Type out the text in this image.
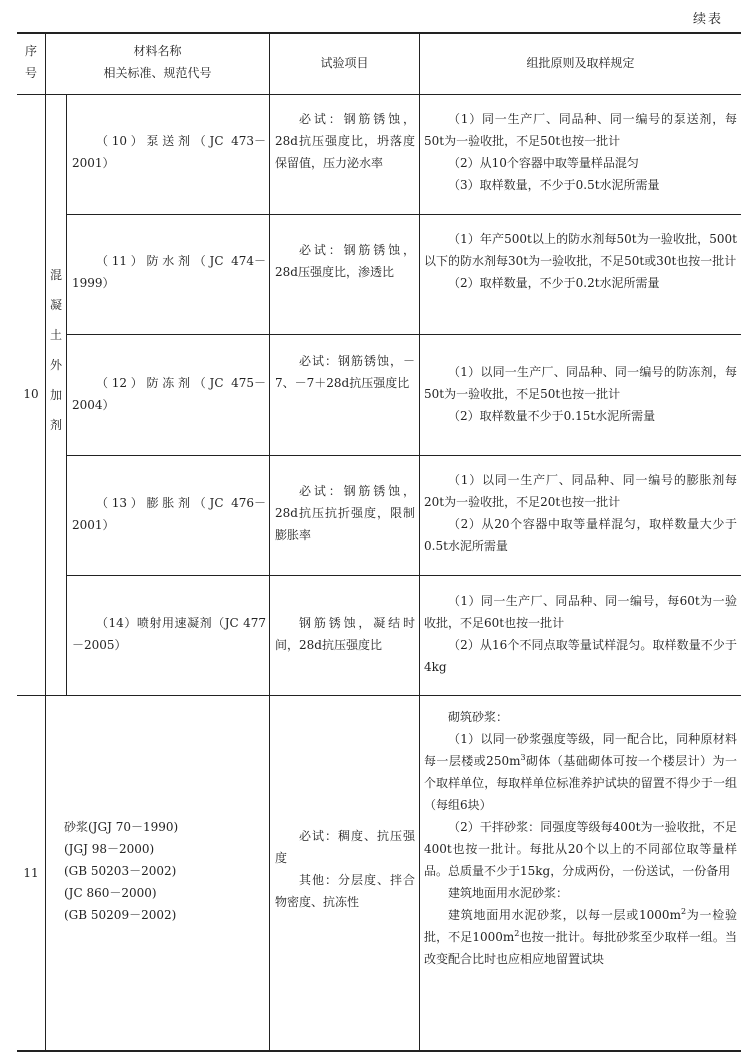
续表
序
号
材料名称
相关标准、规范代号
试验项目	组批原则及取样规定
10
混
凝
土
外
加
剂

（10）泵送剂（JC 473－2001）

必试：钢筋锈蚀，28d抗压强度比，坍落度保留值，压力泌水率

（1）同一生产厂、同品种、同一编号的泵送剂，每50t为一验收批，不足50t也按一批计

（2）从10个容器中取等量样品混匀

（3）取样数量，不少于0.5t水泥所需量

（11）防水剂（JC 474－1999）

必试：钢筋锈蚀，28d压强度比，渗透比

（1）年产500t以上的防水剂每50t为一验收批，500t以下的防水剂每30t为一验收批，不足50t或30t也按一批计

（2）取样数量，不少于0.2t水泥所需量

（12）防冻剂（JC 475－2004）

必试：钢筋锈蚀，－7、－7＋28d抗压强度比

（1）以同一生产厂、同品种、同一编号的防冻剂，每50t为一验收批，不足50t也按一批计

（2）取样数量不少于0.15t水泥所需量

（13）膨胀剂（JC 476－2001）

必试：钢筋锈蚀，28d抗压抗折强度，限制膨胀率

（1）以同一生产厂、同品种、同一编号的膨胀剂每20t为一验收批，不足20t也按一批计

（2）从20个容器中取等量样混匀，取样数量大少于0.5t水泥所需量

（14）喷射用速凝剂（JC 477－2005）

钢筋锈蚀，凝结时间，28d抗压强度比

（1）同一生产厂、同品种、同一编号，每60t为一验收批，不足60t也按一批计

（2）从16个不同点取等量试样混匀。取样数量不少于4kg

11
砂浆(JGJ 70－1990)
(JGJ 98－2000)
(GB 50203－2002)
(JC 860－2000)
(GB 50209－2002)

必试：稠度、抗压强度

其他：分层度、拌合物密度、抗冻性

砌筑砂浆：

（1）以同一砂浆强度等级，同一配合比，同种原材料每一层楼或$250m^3$砌体（基础砌体可按一个楼层计）为一个取样单位，每取样单位标准养护试块的留置不得少于一组（每组6块）

（2）干拌砂浆：同强度等级每400t为一验收批，不足400t也按一批计。每批从20个以上的不同部位取等量样品。总质量不少于15kg，分成两份，一份送试，一份备用

建筑地面用水泥砂浆：

建筑地面用水泥砂浆，以每一层或$1000m^2$为一检验批，不足$1000m^2$也按一批计。每批砂浆至少取样一组。当改变配合比时也应相应地留置试块
